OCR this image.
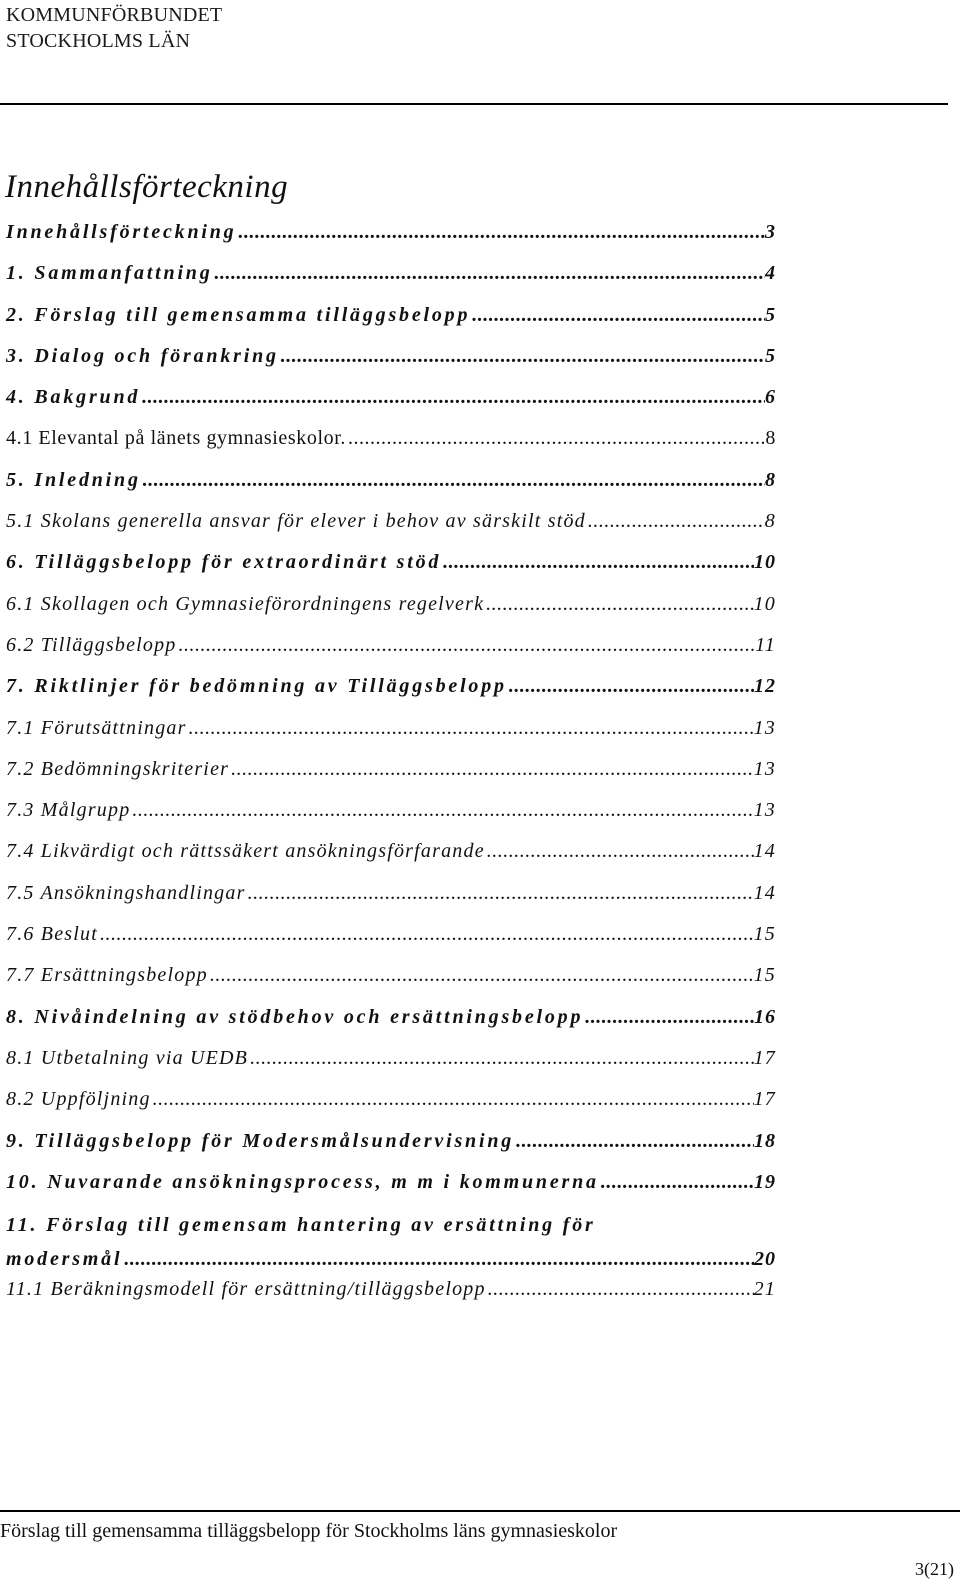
KOMMUNFÖRBUNDET
STOCKHOLMS LÄN
Innehållsförteckning
Innehållsförteckning .....	3
1. Sammanfattning .....	4
2. Förslag till gemensamma tilläggsbelopp .....	5
3. Dialog och förankring .....	5
4. Bakgrund .....	6
4.1 Elevantal på länets gymnasieskolor. .....	8
5. Inledning .....	8
5.1 Skolans generella ansvar för elever i behov av särskilt stöd .....	8
6. Tilläggsbelopp för extraordinärt stöd .....	10
6.1 Skollagen och Gymnasieförordningens regelverk .....	10
6.2 Tilläggsbelopp .....	11
7. Riktlinjer för bedömning av Tilläggsbelopp .....	12
7.1 Förutsättningar .....	13
7.2 Bedömningskriterier .....	13
7.3 Målgrupp .....	13
7.4 Likvärdigt och rättssäkert ansökningsförfarande .....	14
7.5 Ansökningshandlingar .....	14
7.6 Beslut .....	15
7.7 Ersättningsbelopp .....	15
8. Nivåindelning av stödbehov och ersättningsbelopp .....	16
8.1 Utbetalning via UEDB .....	17
8.2 Uppföljning .....	17
9. Tilläggsbelopp för Modersmålsundervisning .....	18
10. Nuvarande ansökningsprocess, m m i kommunerna .....	19
11. Förslag till gemensam hantering av ersättning för
modersmål .....	20
11.1 Beräkningsmodell för ersättning/tilläggsbelopp .....	21
Förslag till gemensamma tilläggsbelopp för Stockholms läns gymnasieskolor
3(21)
